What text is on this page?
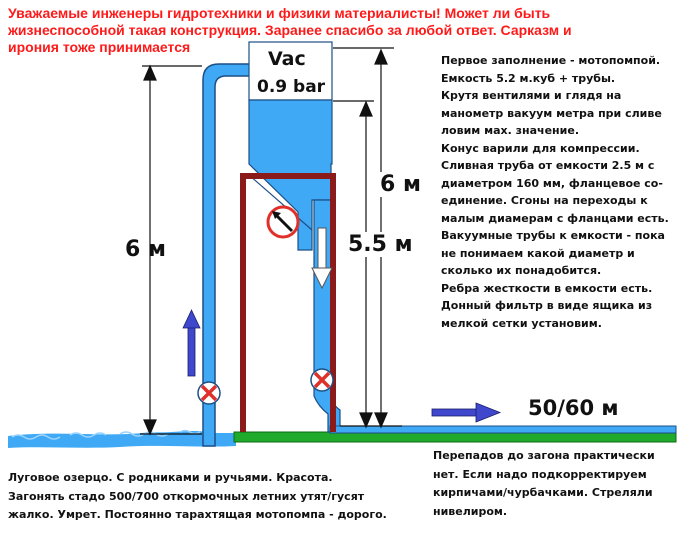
Уважаемые инженеры гидротехники и физики материалисты! Может ли быть
жизнеспособной такая конструкция. Заранее спасибо за любой ответ. Сарказм и
ирония тоже принимается
Vac
0.9 bar
6 м
6 м
5.5 м
50/60 м
Первое заполнение - мотопомпой.
Емкость 5.2 м.куб + трубы.
Крутя вентилями и глядя на
манометр вакуум метра при сливе
ловим мах. значение.
Конус варили для компрессии.
Сливная труба от емкости 2.5 м с
диаметром 160 мм, фланцевое со-
единение. Сгоны на переходы к
малым диамерам с фланцами есть.
Вакуумные трубы к емкости - пока
не понимаем какой диаметр и
сколько их понадобится.
Ребра жесткости в емкости есть.
Донный фильтр в виде ящика из
мелкой сетки установим.
Луговое озерцо. С родниками и ручьями. Красота.
Загонять стадо 500/700 откормочных летних утят/гусят
жалко. Умрет. Постоянно тарахтящая мотопомпа - дорого.
Перепадов до загона практически
нет. Если надо подкорректируем
кирпичами/чурбачками. Стреляли
нивелиром.
